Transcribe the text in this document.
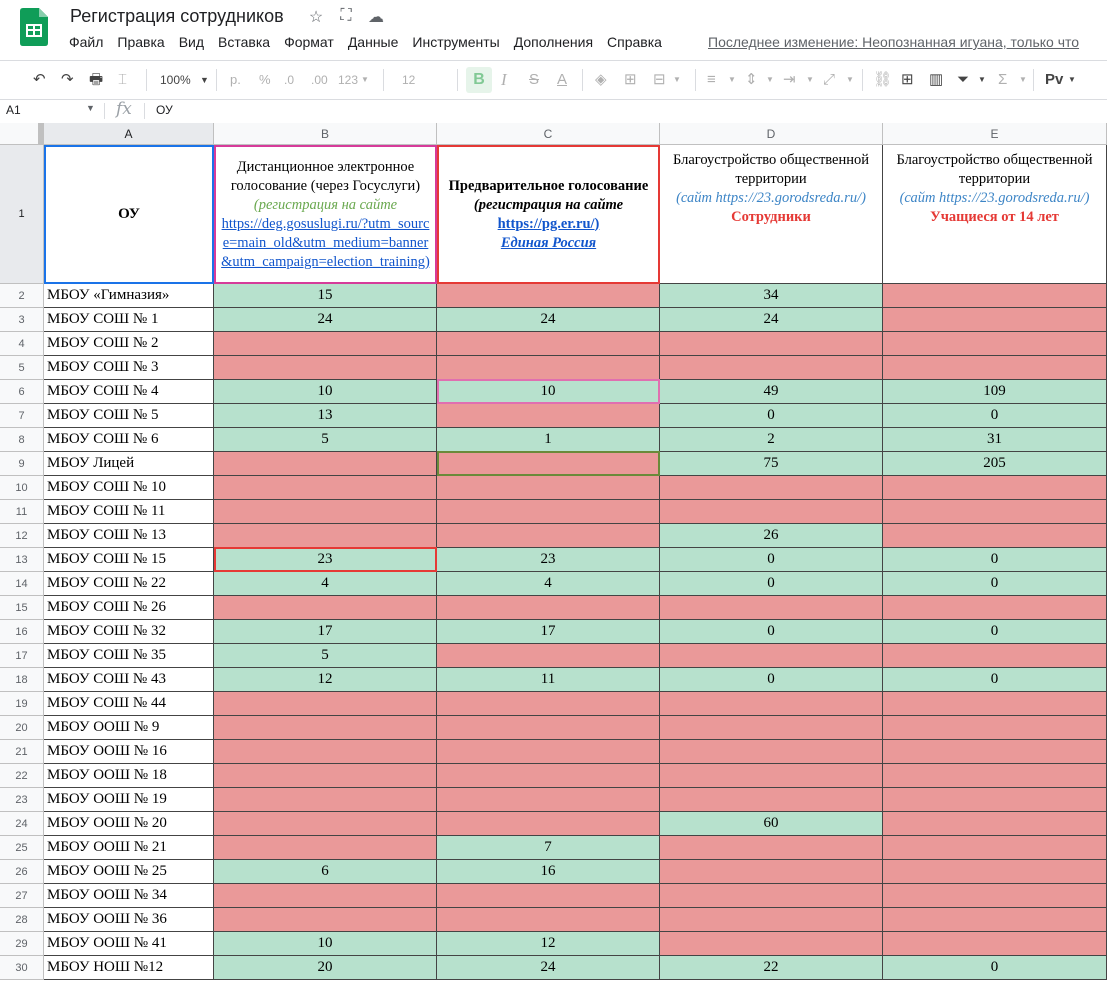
Регистрация сотрудников ☆ ⛶ ☁
Файл	Правка	Вид	Вставка	Формат	Данные	Инструменты	Дополнения	Справка	Последнее изменение: Неопознанная игуана, только что
↶ ↷ 🖶 ⌶	100% ▼ р. % .0 .00 123 ▼	12	B I S A ◈ ⊞ ⊟ ▼ ≡ ▼ ⇕ ▼ ⇥ ▼ ⤢ ▼ ⛓ ⊞ ▥ ⏷ ▼ Σ ▼ Pv ▼
A1	▼ fx ОУ
A	B	C	D	E
1	ОУ
Дистанционное электронное голосование (через Госуслуги)
(регистрация на сайте
https://deg.gosuslugi.ru/?utm_source=main_old&utm_medium=banner&utm_campaign=election_training)
Предварительное голосование
(регистрация на сайте
https://pg.er.ru/)
Единая Россия
Благоустройство общественной территории
(сайт https://23.gorodsreda.ru/)
Сотрудники
Благоустройство общественной территории
(сайт https://23.gorodsreda.ru/)
Учащиеся от 14 лет
2	МБОУ «Гимназия»	15	34
3	МБОУ СОШ № 1	24	24	24
4	МБОУ СОШ № 2
5	МБОУ СОШ № 3
6	МБОУ СОШ № 4	10	10	49	109
7	МБОУ СОШ № 5	13	0	0
8	МБОУ СОШ № 6	5	1	2	31
9	МБОУ Лицей	75	205
10	МБОУ СОШ № 10
11	МБОУ СОШ № 11
12	МБОУ СОШ № 13	26
13	МБОУ СОШ № 15	23	23	0	0
14	МБОУ СОШ № 22	4	4	0	0
15	МБОУ СОШ № 26
16	МБОУ СОШ № 32	17	17	0	0
17	МБОУ СОШ № 35	5
18	МБОУ СОШ № 43	12	11	0	0
19	МБОУ СОШ № 44
20	МБОУ ООШ № 9
21	МБОУ ООШ № 16
22	МБОУ ООШ № 18
23	МБОУ ООШ № 19
24	МБОУ ООШ № 20	60
25	МБОУ ООШ № 21	7
26	МБОУ ООШ № 25	6	16
27	МБОУ ООШ № 34
28	МБОУ ООШ № 36
29	МБОУ ООШ № 41	10	12
30	МБОУ НОШ №12	20	24	22	0
